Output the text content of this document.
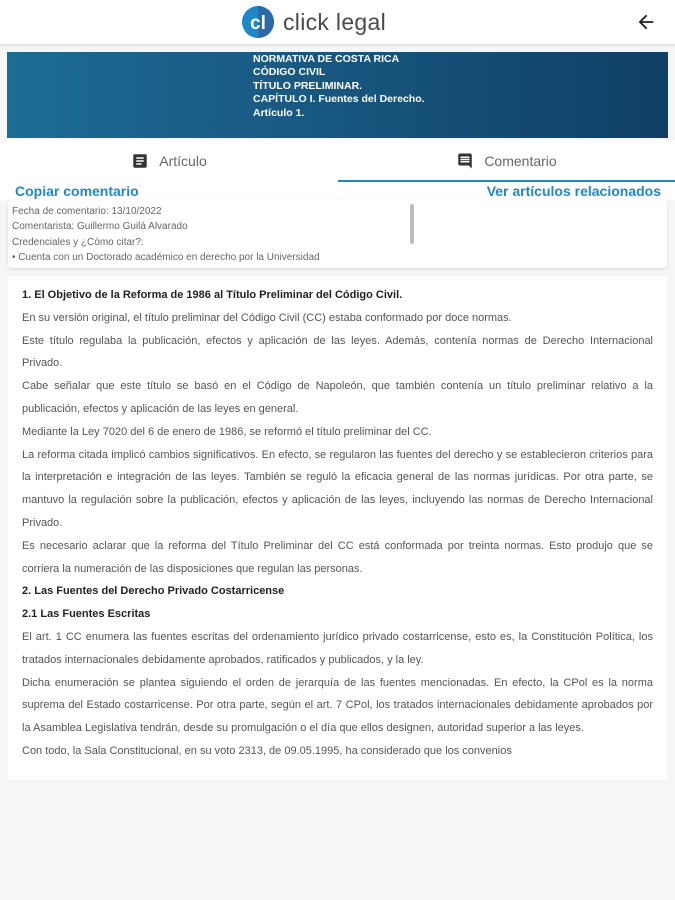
cl click legal
NORMATIVA DE COSTA RICA
CÓDIGO CIVIL
TÍTULO PRELIMINAR.
CAPÍTULO I. Fuentes del Derecho.
Artículo 1.
Artículo	Comentario
Copiar comentario	Ver artículos relacionados

Fecha de comentario: 13/10/2022

Comentarista: Guillermo Guilá Alvarado

Credenciales y ¿Cómo citar?:

• Cuenta con un Doctorado académico en derecho por la Universidad

1. El Objetivo de la Reforma de 1986 al Título Preliminar del Código Civil.

En su versión original, el título preliminar del Código Civil (CC) estaba conformado por doce normas.

Este título regulaba la publicación, efectos y aplicación de las leyes. Además, contenía normas de Derecho Internacional Privado.

Cabe señalar que este título se basó en el Código de Napoleón, que también contenía un título preliminar relativo a la publicación, efectos y aplicación de las leyes en general.

Mediante la Ley 7020 del 6 de enero de 1986, se reformó el título preliminar del CC.

La reforma citada implicó cambios significativos. En efecto, se regularon las fuentes del derecho y se establecieron criterios para la interpretación e integración de las leyes. También se reguló la eficacia general de las normas jurídicas. Por otra parte, se mantuvo la regulación sobre la publicación, efectos y aplicación de las leyes, incluyendo las normas de Derecho Internacional Privado.

Es necesario aclarar que la reforma del Título Preliminar del CC está conformada por treinta normas. Esto produjo que se corriera la numeración de las disposiciones que regulan las personas.

2. Las Fuentes del Derecho Privado Costarricense

2.1 Las Fuentes Escritas

El art. 1 CC enumera las fuentes escritas del ordenamiento jurídico privado costarricense, esto es, la Constitución Política, los tratados internacionales debidamente aprobados, ratificados y publicados, y la ley.

Dicha enumeración se plantea siguiendo el orden de jerarquía de las fuentes mencionadas. En efecto, la CPol es la norma suprema del Estado costarricense. Por otra parte, según el art. 7 CPol, los tratados internacionales debidamente aprobados por la Asamblea Legislativa tendrán, desde su promulgación o el día que ellos designen, autoridad superior a las leyes.

Con todo, la Sala Constitucional, en su voto 2313, de 09.05.1995, ha considerado que los convenios
